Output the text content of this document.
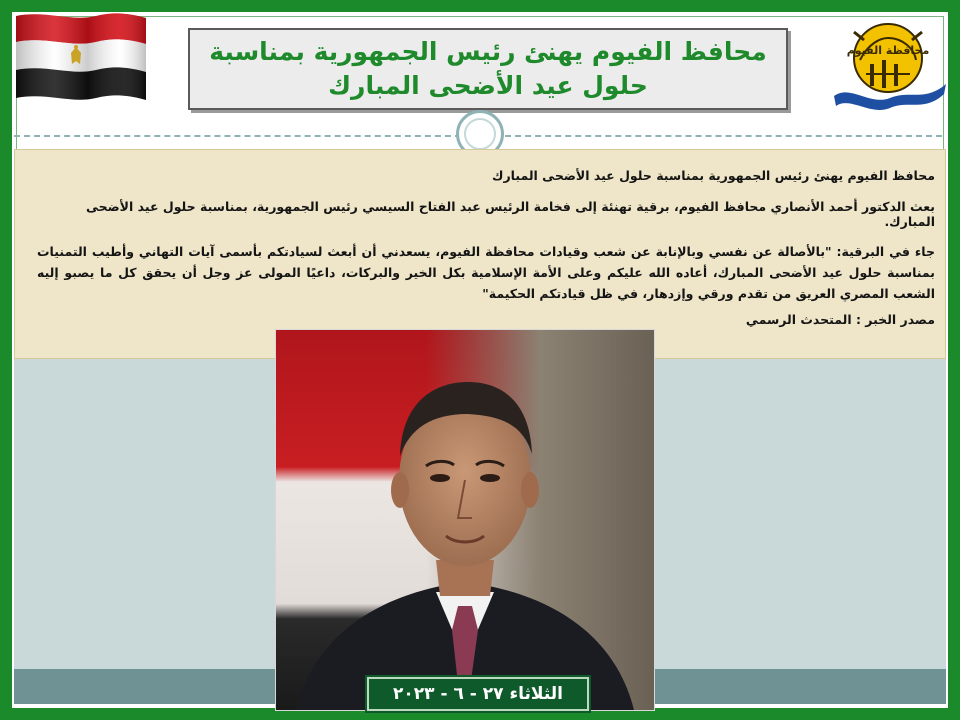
محافظة الفيوم
محافظ الفيوم يهنئ رئيس الجمهورية بمناسبة حلول عيد الأضحى المبارك

محافظ الفيوم يهنئ رئيس الجمهورية بمناسبة حلول عيد الأضحى المبارك

بعث الدكتور أحمد الأنصاري محافظ الفيوم، برقية تهنئة إلى فخامة الرئيس عبد الفتاح السيسي رئيس الجمهورية، بمناسبة حلول عيد الأضحى المبارك.

جاء في البرقية: "بالأصالة عن نفسي وبالإنابة عن شعب وقيادات محافظة الفيوم، يسعدني أن أبعث لسيادتكم بأسمى آيات التهاني وأطيب التمنيات بمناسبة حلول عيد الأضحى المبارك، أعاده الله عليكم وعلى الأمة الإسلامية بكل الخير والبركات، داعيًا المولى عز وجل أن يحقق كل ما يصبو إليه الشعب المصري العريق من تقدم ورقي وإزدهار، في ظل قيادتكم الحكيمة"

مصدر الخبر : المتحدث الرسمي

الثلاثاء ٢٧ - ٦ - ٢٠٢٣
